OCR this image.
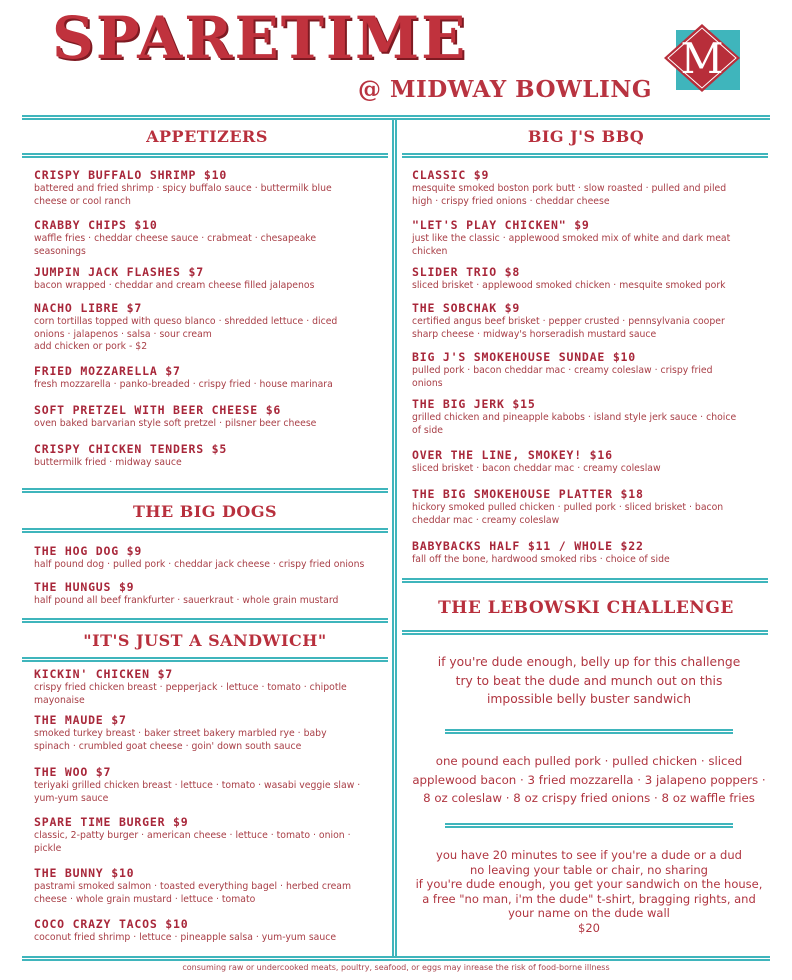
SPARETIME
@ MIDWAY BOWLING
M
APPETIZERS
CRISPY BUFFALO SHRIMP $10
battered and fried shrimp · spicy buffalo sauce · buttermilk blue
cheese or cool ranch
CRABBY CHIPS $10
waffle fries · cheddar cheese sauce · crabmeat · chesapeake
seasonings
JUMPIN JACK FLASHES $7
bacon wrapped · cheddar and cream cheese filled jalapenos
NACHO LIBRE $7
corn tortillas topped with queso blanco · shredded lettuce · diced
onions · jalapenos · salsa · sour cream
add chicken or pork - $2
FRIED MOZZARELLA $7
fresh mozzarella · panko-breaded · crispy fried · house marinara
SOFT PRETZEL WITH BEER CHEESE $6
oven baked barvarian style soft pretzel · pilsner beer cheese
CRISPY CHICKEN TENDERS $5
buttermilk fried · midway sauce
THE BIG DOGS
THE HOG DOG $9
half pound dog · pulled pork · cheddar jack cheese · crispy fried onions
THE HUNGUS $9
half pound all beef frankfurter · sauerkraut · whole grain mustard
"IT'S JUST A SANDWICH"
KICKIN' CHICKEN $7
crispy fried chicken breast · pepperjack · lettuce · tomato · chipotle
mayonaise
THE MAUDE $7
smoked turkey breast · baker street bakery marbled rye · baby
spinach · crumbled goat cheese · goin' down south sauce
THE WOO $7
teriyaki grilled chicken breast · lettuce · tomato · wasabi veggie slaw ·
yum-yum sauce
SPARE TIME BURGER $9
classic, 2-patty burger · american cheese · lettuce · tomato · onion ·
pickle
THE BUNNY $10
pastrami smoked salmon · toasted everything bagel · herbed cream
cheese · whole grain mustard · lettuce · tomato
COCO CRAZY TACOS $10
coconut fried shrimp · lettuce · pineapple salsa · yum-yum sauce
BIG J'S BBQ
CLASSIC $9
mesquite smoked boston pork butt · slow roasted · pulled and piled
high · crispy fried onions · cheddar cheese
"LET'S PLAY CHICKEN" $9
just like the classic · applewood smoked mix of white and dark meat
chicken
SLIDER TRIO $8
sliced brisket · applewood smoked chicken · mesquite smoked pork
THE SOBCHAK $9
certified angus beef brisket · pepper crusted · pennsylvania cooper
sharp cheese · midway's horseradish mustard sauce
BIG J'S SMOKEHOUSE SUNDAE $10
pulled pork · bacon cheddar mac · creamy coleslaw · crispy fried
onions
THE BIG JERK $15
grilled chicken and pineapple kabobs · island style jerk sauce · choice
of side
OVER THE LINE, SMOKEY! $16
sliced brisket · bacon cheddar mac · creamy coleslaw
THE BIG SMOKEHOUSE PLATTER $18
hickory smoked pulled chicken · pulled pork · sliced brisket · bacon
cheddar mac · creamy coleslaw
BABYBACKS HALF $11 / WHOLE $22
fall off the bone, hardwood smoked ribs · choice of side
THE LEBOWSKI CHALLENGE
if you're dude enough, belly up for this challenge
try to beat the dude and munch out on this
impossible belly buster sandwich
one pound each pulled pork · pulled chicken · sliced
applewood bacon · 3 fried mozzarella · 3 jalapeno poppers ·
8 oz coleslaw · 8 oz crispy fried onions · 8 oz waffle fries
you have 20 minutes to see if you're a dude or a dud
no leaving your table or chair, no sharing
if you're dude enough, you get your sandwich on the house,
a free "no man, i'm the dude" t-shirt, bragging rights, and
your name on the dude wall
$20
consuming raw or undercooked meats, poultry, seafood, or eggs may inrease the risk of food-borne illness
